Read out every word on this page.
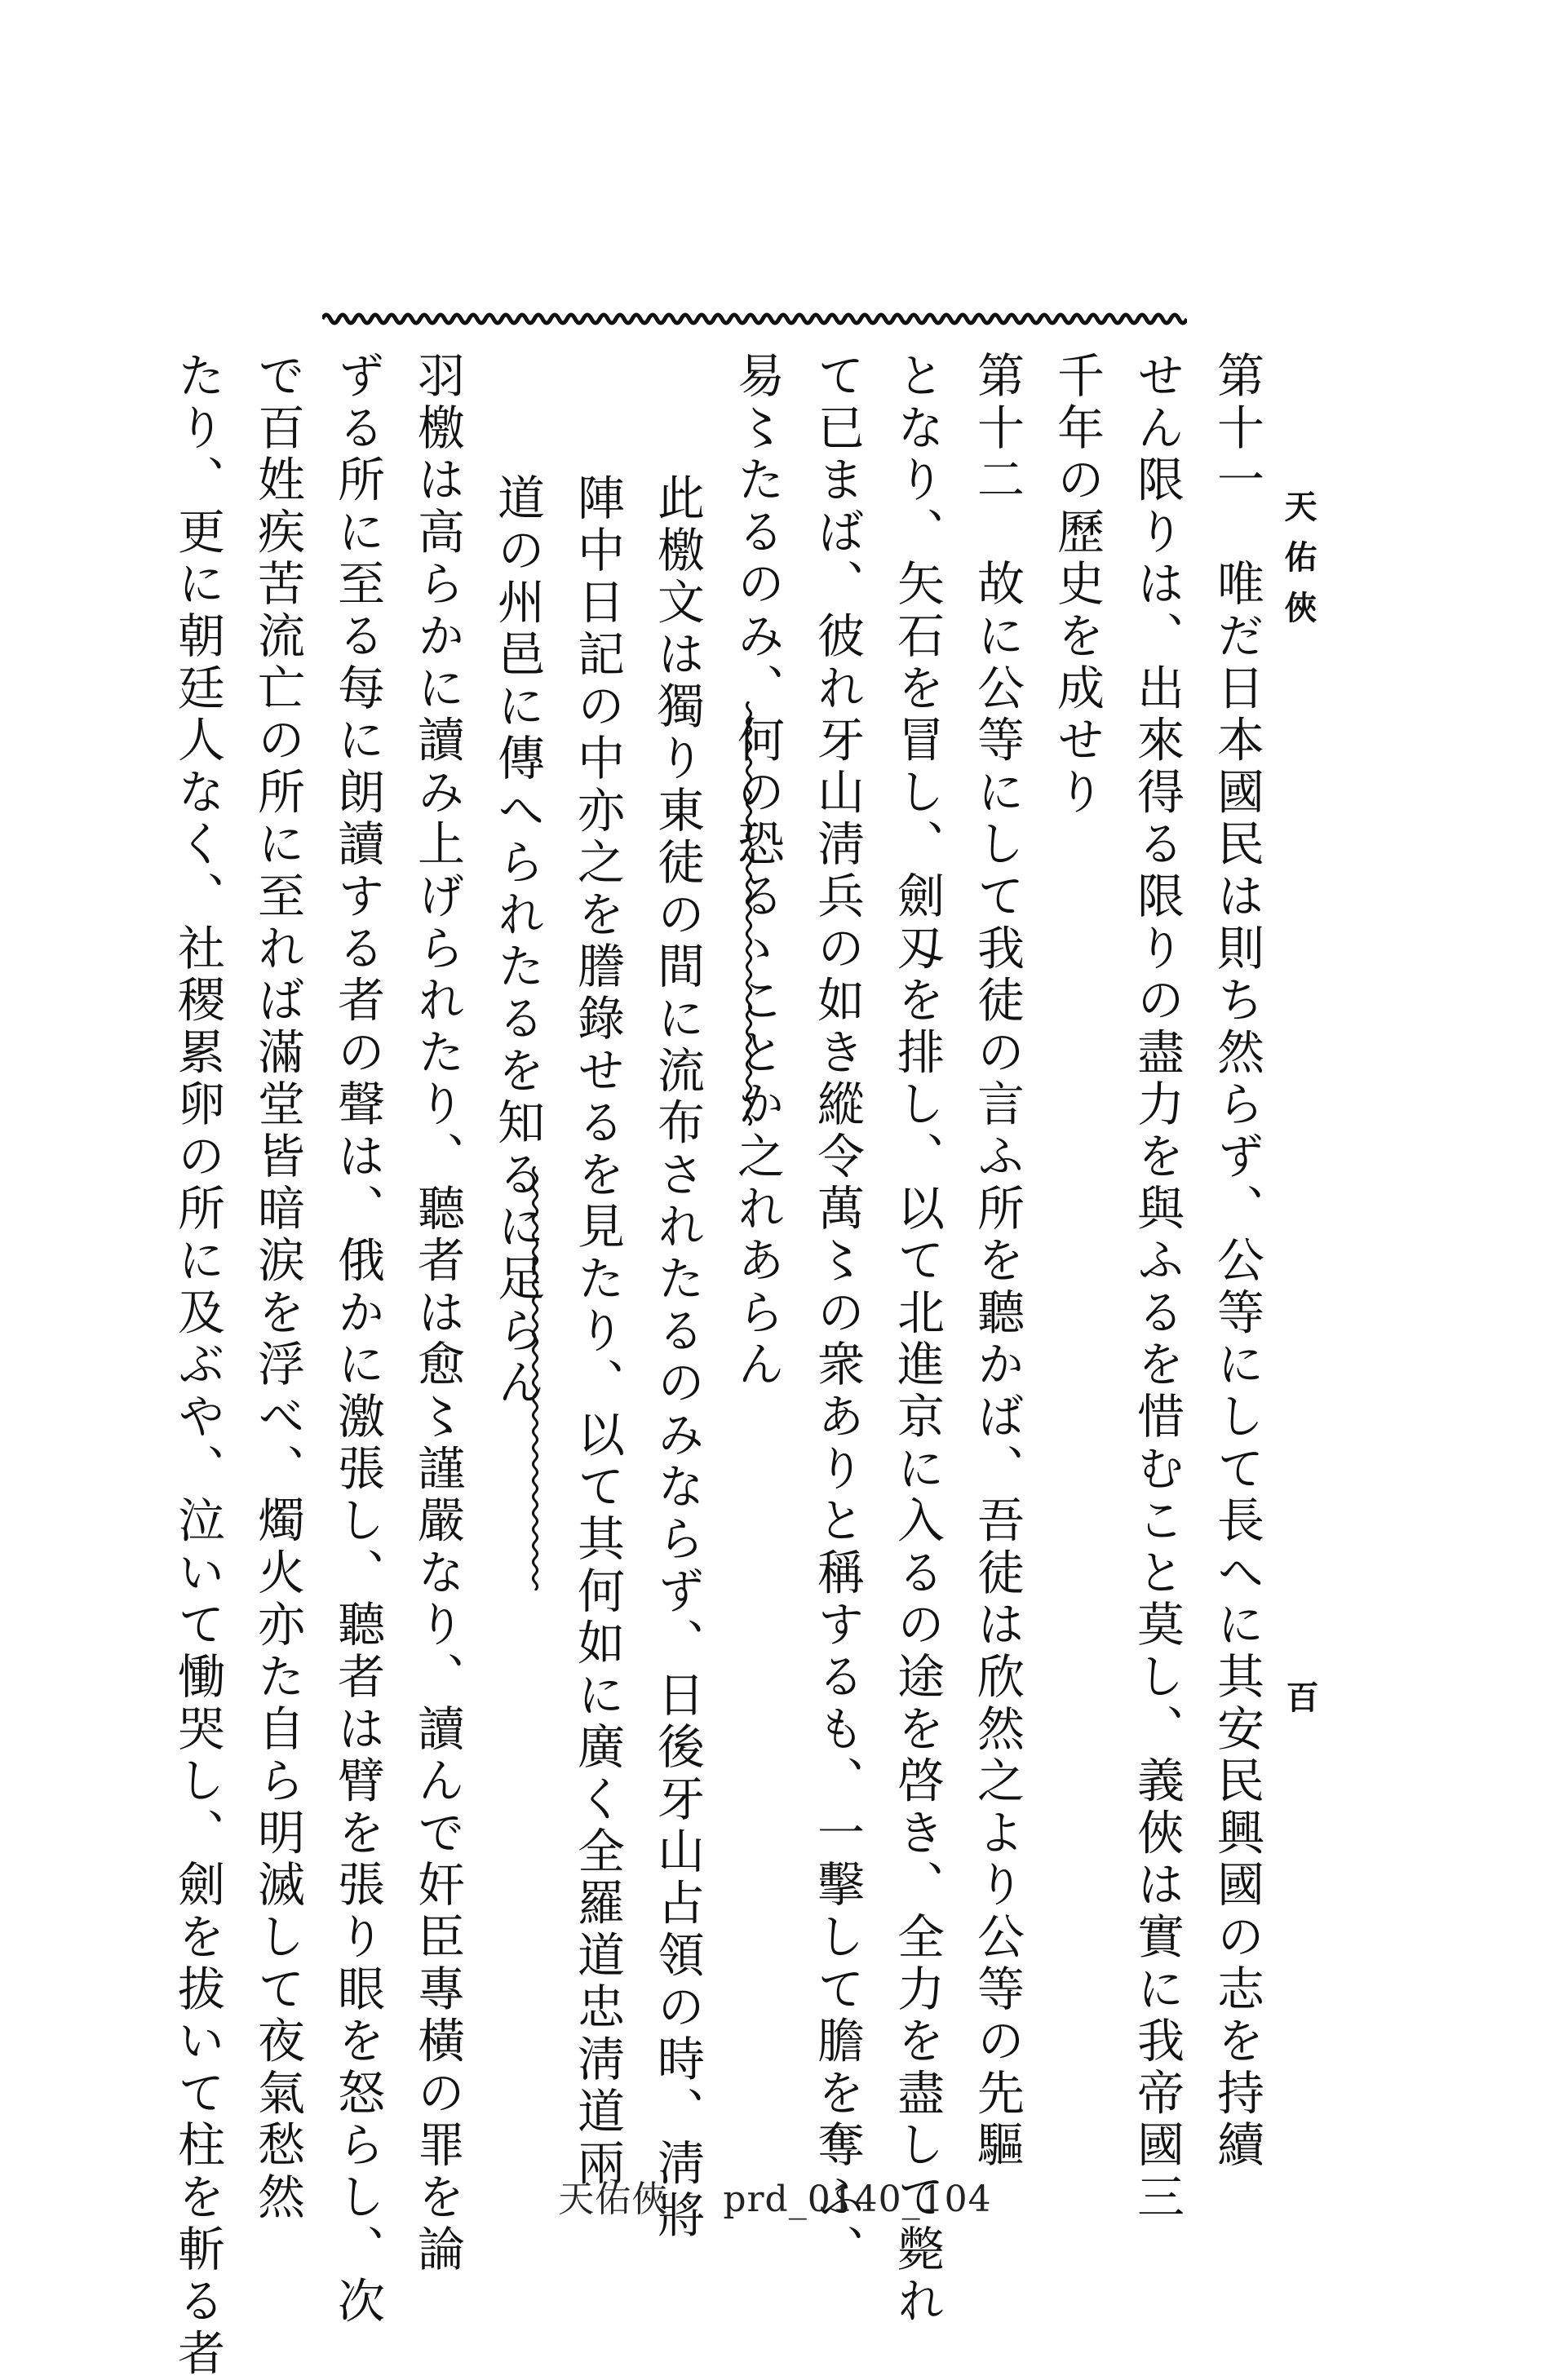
天佑俠
第十一　唯だ日本國民は則ち然らず、公等にして長へに其安民興國の志を持續
せん限りは、出來得る限りの盡力を與ふるを惜むこと莫し、義俠は實に我帝國三
千年の歷史を成せり
第十二　故に公等にして我徒の言ふ所を聽かば、吾徒は欣然之より公等の先驅
となり、矢石を冒し、劍刄を排し、以て北進京に入るの途を啓き、全力を盡して斃れ
て已まば、彼れ牙山淸兵の如き縱令萬〻の衆ありと稱するも、一擊して膽を奪ふ、
易〻たるのみ、何の恐るゝことか之れあらん
此檄文は獨り東徒の間に流布されたるのみならず、日後牙山占領の時、淸將
陣中日記の中亦之を謄錄せるを見たり、以て其何如に廣く全羅道忠淸道兩
道の州邑に傳へられたるを知るに足らん
羽檄は高らかに讀み上げられたり、聽者は愈〻謹嚴なり、讀んで奸臣專橫の罪を論
ずる所に至る每に朗讀する者の聲は、俄かに激張し、聽者は臂を張り眼を怒らし、次
で百姓疾苦流亡の所に至れば滿堂皆暗涙を浮べ、燭火亦た自ら明滅して夜氣愁然
たり、更に朝廷人なく、社稷累卵の所に及ぶや、泣いて慟哭し、劍を拔いて柱を斬る者	百
天佑俠 prd_0140_104
